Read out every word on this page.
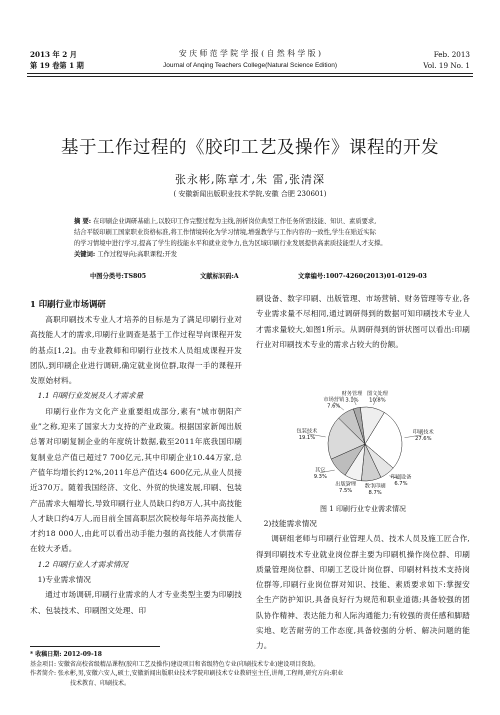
2013 年 2 月
第 19 卷第 1 期
安 庆 师 范 学 院 学 报 ( 自 然 科 学 版 )
Journal of Anqing Teachers College(Natural Science Edition)
Feb. 2013
Vol. 19 No. 1
基于工作过程的《胶印工艺及操作》课程的开发
张永彬,陈章才,朱 雷,张清深
( 安徽新闻出版职业技术学院,安徽 合肥 230601)
摘 要: 在印刷企业调研基础上,以胶印工作完整过程为主线,剖析岗位典型工作任务所需技能、知识、素质要求,
结合平版印刷工国家职业资格标准,将工作情境转化为学习情境,增强教学与工作内容的一致性,学生在贴近实际
的学习情境中进行学习,提高了学生的技能水平和就业竞争力,也为区域印刷行业发展提供高素质技能型人才支撑。
关键词: 工作过程导向;高职课程;开发
中图分类号:TS805	文献标识码:A	文章编号:1007-4260(2013)01-0129-03
1 印刷行业市场调研
高职印刷技术专业人才培养的目标是为了满足印刷行业对高技能人才的需求,印刷行业调查是基于工作过程导向课程开发的基点[1,2]。由专业教师和印刷行业技术人员组成课程开发团队,到印刷企业进行调研,确定就业岗位群,取得一手的课程开发原始材料。
1.1 印刷行业发展及人才需求量
印刷行业作为文化产业重要组成部分,素有“城市朝阳产业”之称,迎来了国家大力支持的产业政策。根据国家新闻出版总署对印刷复制企业的年度统计数据,截至2011年底我国印刷复制业总产值已超过7 700亿元,其中印刷企业10.44万家,总产值年均增长约12%,2011年总产值达4 600亿元,从业人员接近370万。随着我国经济、文化、外贸的快速发展,印刷、包装产品需求大幅增长,导致印刷行业人员缺口约8万人,其中高技能人才缺口约4万人,而目前全国高职层次院校每年培养高技能人才约18 000人,由此可以看出动手能力强的高技能人才供需存在较大矛盾。
1.2 印刷行业人才需求情况
1)专业需求情况
通过市场调研,印刷行业需求的人才专业类型主要为印刷技术、包装技术、印刷图文处理、印
刷设备、数字印刷、出版管理、市场营销、财务管理等专业,各专业需求量不尽相同,通过调研得到的数据可知印刷技术专业人才需求量较大,如图1所示。从调研得到的饼状图可以看出:印刷行业对印刷技术专业的需求占较大的份额。
印刷技术
27.6%
印刷设备
6.7%
数字印刷
8.7%
出版管理
7.5%
其它
9.3%
包装技术
19.1%
市场营销
7.6%
财务管理
3.1%
图文处理
10.8%
图 1 印刷行业专业需求情况
2)技能需求情况
调研组老师与印刷行业管理人员、技术人员及施工匠合作,得到印刷技术专业就业岗位群主要为印刷机操作岗位群、印刷质量管理岗位群、印刷工艺设计岗位群、印刷材料技术支持岗位群等,印刷行业岗位群对知识、技能、素质要求如下:掌握安全生产防护知识,具备良好行为规范和职业道德;具备较强的团队协作精神、表达能力和人际沟通能力;有较强的责任感和脚踏实地、吃苦耐劳的工作态度,具备较强的分析、解决问题的能力。
* 收稿日期: 2012-09-18
基金项目: 安徽省高校省级精品课程(胶印工艺及操作)建设项目和省级特色专业(印刷技术专业)建设项目资助。
作者简介: 张永彬,男,安徽六安人,硕士,安徽新闻出版职业技术学院印刷技术专业教研室主任,讲师,工程师,研究方向:职业
技术教育、印刷技术。
